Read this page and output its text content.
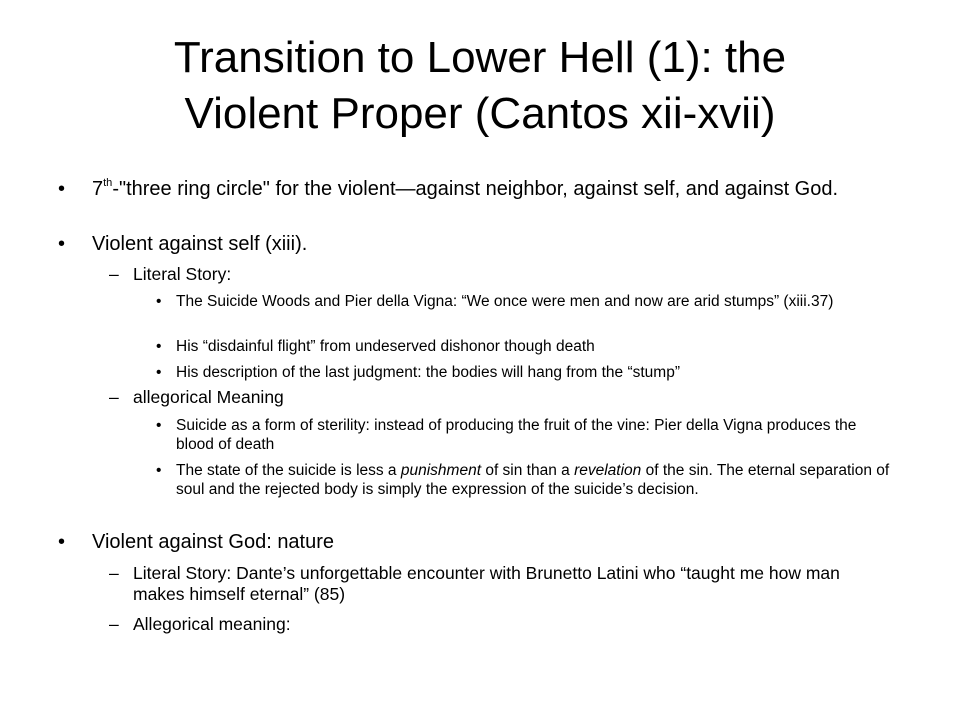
Transition to Lower Hell (1): the
Violent Proper (Cantos xii-xvii)
• 7th-"three ring circle" for the violent—against neighbor, against self, and against God.
• Violent against self (xiii).
– Literal Story:
• The Suicide Woods and Pier della Vigna: “We once were men and now are arid stumps” (xiii.37)
• His “disdainful flight” from undeserved dishonor though death
• His description of the last judgment: the bodies will hang from the “stump”
– allegorical Meaning
• Suicide as a form of sterility: instead of producing the fruit of the vine: Pier della Vigna produces the blood of death
• The state of the suicide is less a punishment of sin than a revelation of the sin. The eternal separation of soul and the rejected body is simply the expression of the suicide’s decision.
• Violent against God: nature
– Literal Story: Dante’s unforgettable encounter with Brunetto Latini who “taught me how man makes himself eternal” (85)
– Allegorical meaning:
